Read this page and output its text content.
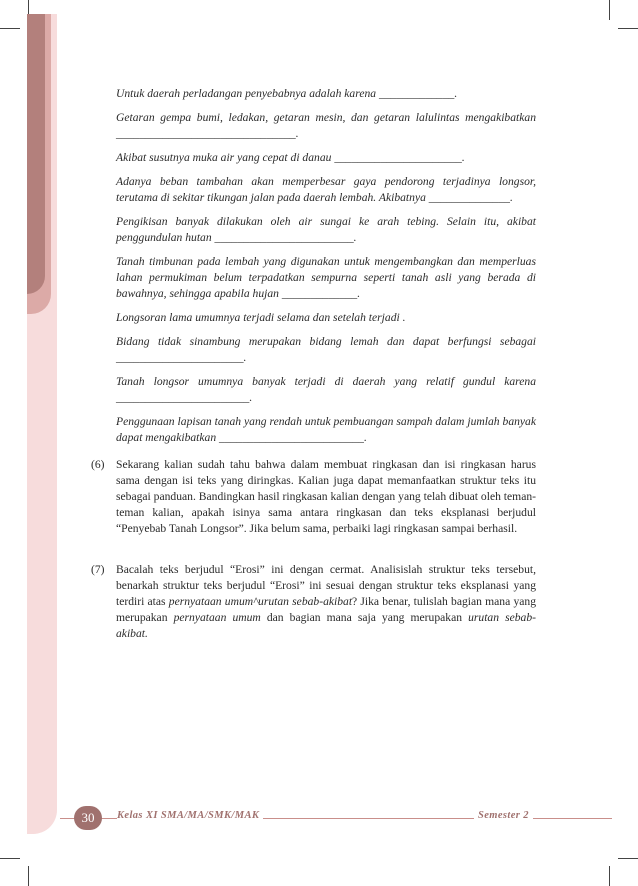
Untuk daerah perladangan penyebabnya adalah karena _____________.

Getaran gempa bumi, ledakan, getaran mesin, dan getaran lalulintas mengakibatkan _______________________________.

Akibat susutnya muka air yang cepat di danau ______________________.

Adanya beban tambahan akan memperbesar gaya pendorong terjadinya longsor, terutama di sekitar tikungan jalan pada daerah lembah. Akibatnya ______________.

Pengikisan banyak dilakukan oleh air sungai ke arah tebing. Selain itu, akibat penggundulan hutan ________________________.

Tanah timbunan pada lembah yang digunakan untuk mengembangkan dan memperluas lahan permukiman belum terpadatkan sempurna seperti tanah asli yang berada di bawahnya, sehingga apabila hujan _____________.

Longsoran lama umumnya terjadi selama dan setelah terjadi .

Bidang tidak sinambung merupakan bidang lemah dan dapat berfungsi sebagai ______________________.

Tanah longsor umumnya banyak terjadi di daerah yang relatif gundul karena _______________________.

Penggunaan lapisan tanah yang rendah untuk pembuangan sampah dalam jumlah banyak dapat mengakibatkan _________________________.

(6) Sekarang kalian sudah tahu bahwa dalam membuat ringkasan dan isi ringkasan harus sama dengan isi teks yang diringkas. Kalian juga dapat memanfaatkan struktur teks itu sebagai panduan. Bandingkan hasil ringkasan kalian dengan yang telah dibuat oleh teman-teman kalian, apakah isinya sama antara ringkasan dan teks eksplanasi berjudul “Penyebab Tanah Longsor”. Jika belum sama, perbaiki lagi ringkasan sampai berhasil.
(7) Bacalah teks berjudul “Erosi” ini dengan cermat. Analisislah struktur teks tersebut, benarkah struktur teks berjudul “Erosi” ini sesuai dengan struktur teks eksplanasi yang terdiri atas pernyataan umum^urutan sebab-akibat? Jika benar, tulislah bagian mana yang merupakan pernyataan umum dan bagian mana saja yang merupakan urutan sebab-akibat.
30	Kelas XI SMA/MA/SMK/MAK	Semester 2
